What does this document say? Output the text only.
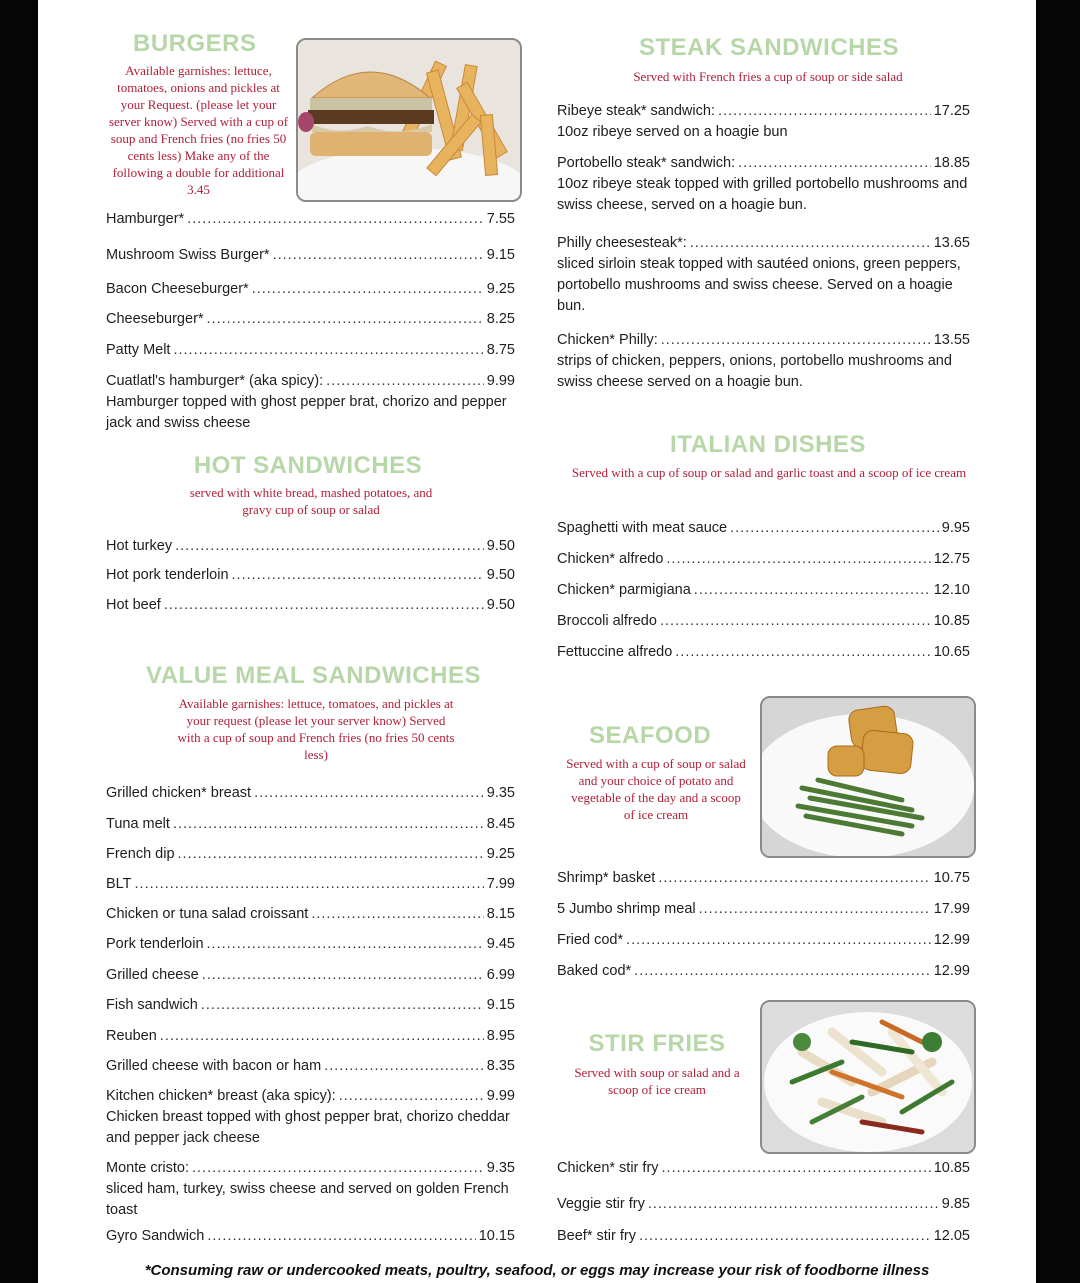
BURGERS
Available garnishes: lettuce, tomatoes, onions and pickles at your Request. (please let your server know) Served with a cup of soup and French fries (no fries 50 cents less) Make any of the following a double for additional 3.45
HOT SANDWICHES
served with white bread, mashed potatoes, and gravy cup of soup or salad
VALUE MEAL SANDWICHES
Available garnishes: lettuce, tomatoes, and pickles at your request (please let your server know) Served with a cup of soup and French fries (no fries 50 cents less)
STEAK SANDWICHES
Served with French fries a cup of soup or side salad
ITALIAN DISHES
Served with a cup of soup or salad and garlic toast and a scoop of ice cream
SEAFOOD
Served with a cup of soup or salad and your choice of potato and vegetable of the day and a scoop of ice cream
STIR FRIES
Served with soup or salad and a scoop of ice cream
*Consuming raw or undercooked meats, poultry, seafood, or eggs may increase your risk of foodborne illness
Hamburger* .....	7.55
Mushroom Swiss Burger* .....	9.15
Bacon Cheeseburger* .....	9.25
Cheeseburger* .....	8.25
Patty Melt .....	8.75
Cuatlatl's hamburger* (aka spicy): .....	9.99
Hamburger topped with ghost pepper brat, chorizo and pepper jack and swiss cheese
Hot turkey .....	9.50
Hot pork tenderloin .....	9.50
Hot beef .....	9.50
Grilled chicken* breast .....	9.35
Tuna melt .....	8.45
French dip .....	9.25
BLT .....	7.99
Chicken or tuna salad croissant .....	8.15
Pork tenderloin .....	9.45
Grilled cheese .....	6.99
Fish sandwich .....	9.15
Reuben .....	8.95
Grilled cheese with bacon or ham .....	8.35
Kitchen chicken* breast (aka spicy): .....	9.99
Chicken breast topped with ghost pepper brat, chorizo cheddar and pepper jack cheese
Monte cristo: .....	9.35
sliced ham, turkey, swiss cheese and served on golden French toast
Gyro Sandwich .....	10.15
Ribeye steak* sandwich: .....	17.25
10oz ribeye served on a hoagie bun
Portobello steak* sandwich: .....	18.85
10oz ribeye steak topped with grilled portobello mushrooms and swiss cheese, served on a hoagie bun.
Philly cheesesteak*: .....	13.65
sliced sirloin steak topped with sautéed onions, green peppers, portobello mushrooms and swiss cheese. Served on a hoagie bun.
Chicken* Philly: .....	13.55
strips of chicken, peppers, onions, portobello mushrooms and swiss cheese served on a hoagie bun.
Spaghetti with meat sauce .....	9.95
Chicken* alfredo .....	12.75
Chicken* parmigiana .....	12.10
Broccoli alfredo .....	10.85
Fettuccine alfredo .....	10.65
Shrimp* basket .....	10.75
5 Jumbo shrimp meal .....	17.99
Fried cod* .....	12.99
Baked cod* .....	12.99
Chicken* stir fry .....	10.85
Veggie stir fry .....	9.85
Beef* stir fry .....	12.05
